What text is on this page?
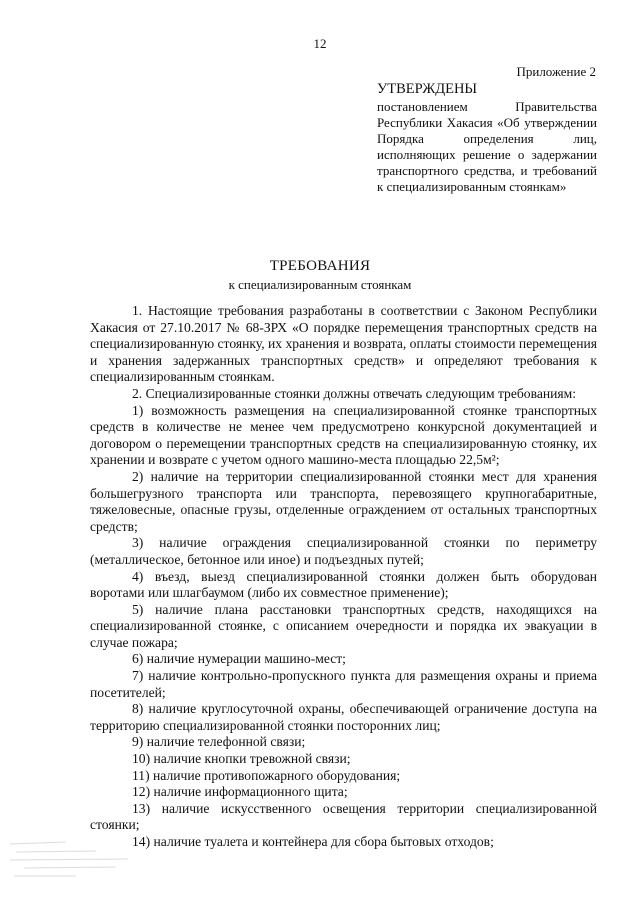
12
Приложение 2
УТВЕРЖДЕНЫ
постановлением Правительства Республики Хакасия «Об утверждении Порядка определения лиц, исполняющих решение о задержании транспортного средства, и требований к специализированным стоянкам»
ТРЕБОВАНИЯ
к специализированным стоянкам

1. Настоящие требования разработаны в соответствии с Законом Республики Хакасия от 27.10.2017 № 68-ЗРХ «О порядке перемещения транспортных средств на специализированную стоянку, их хранения и возврата, оплаты стоимости перемещения и хранения задержанных транспортных средств» и определяют требования к специализированным стоянкам.

2. Специализированные стоянки должны отвечать следующим требованиям:

1) возможность размещения на специализированной стоянке транспортных средств в количестве не менее чем предусмотрено конкурсной документацией и договором о перемещении транспортных средств на специализированную стоянку, их хранении и возврате с учетом одного машино-места площадью 22,5м²;

2) наличие на территории специализированной стоянки мест для хранения большегрузного транспорта или транспорта, перевозящего крупногабаритные, тяжеловесные, опасные грузы, отделенные ограждением от остальных транспортных средств;

3) наличие ограждения специализированной стоянки по периметру (металлическое, бетонное или иное) и подъездных путей;

4) въезд, выезд специализированной стоянки должен быть оборудован воротами или шлагбаумом (либо их совместное применение);

5) наличие плана расстановки транспортных средств, находящихся на специализированной стоянке, с описанием очередности и порядка их эвакуации в случае пожара;

6) наличие нумерации машино-мест;

7) наличие контрольно-пропускного пункта для размещения охраны и приема посетителей;

8) наличие круглосуточной охраны, обеспечивающей ограничение доступа на территорию специализированной стоянки посторонних лиц;

9) наличие телефонной связи;

10) наличие кнопки тревожной связи;

11) наличие противопожарного оборудования;

12) наличие информационного щита;

13) наличие искусственного освещения территории специализированной стоянки;

14) наличие туалета и контейнера для сбора бытовых отходов;
